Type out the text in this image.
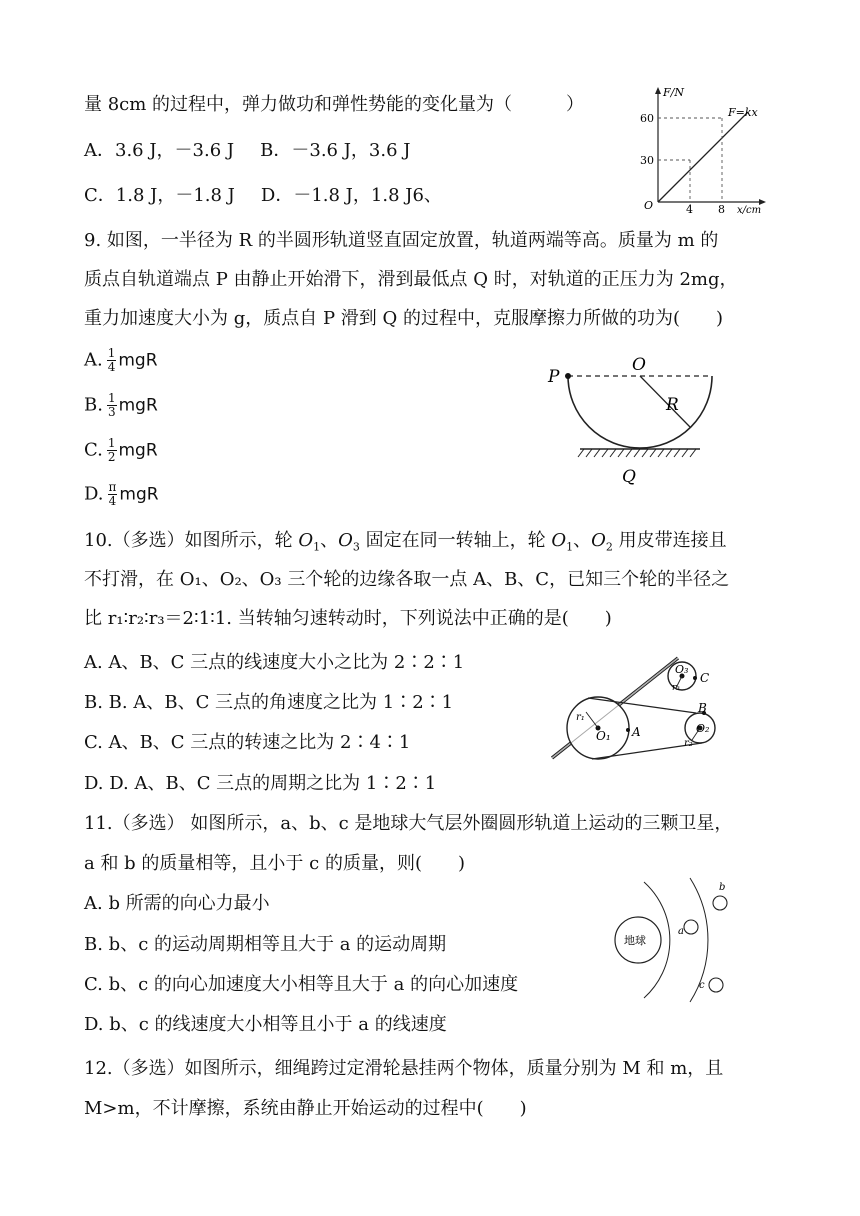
量 8cm 的过程中，弹力做功和弹性势能的变化量为（　　　）
A．3.6 J，－3.6 J B．－3.6 J，3.6 J
C．1.8 J，－1.8 J D．－1.8 J，1.8 J6、
F/N
F=kx
60
30
O	4 8 x/cm
9. 如图，一半径为 R 的半圆形轨道竖直固定放置，轨道两端等高。质量为 m 的
质点自轨道端点 P 由静止开始滑下，滑到最低点 Q 时，对轨道的正压力为 2mg，
重力加速度大小为 g，质点自 P 滑到 Q 的过程中，克服摩擦力所做的功为(　　)
A. $\frac{1}{4}$ mgR
B. $\frac{1}{3}$ mgR
C. $\frac{1}{2}$ mgR
D. $\frac{\pi}{4}$ mgR
P
O
R
Q
10.（多选）如图所示，轮 $O_1$、$O_3$ 固定在同一转轴上，轮 $O_1$、$O_2$ 用皮带连接且
不打滑，在 O₁、O₂、O₃ 三个轮的边缘各取一点 A、B、C，已知三个轮的半径之
比 r₁∶r₂∶r₃＝2∶1∶1. 当转轴匀速转动时，下列说法中正确的是(　　)
A. A、B、C 三点的线速度大小之比为 2∶2∶1
B. B. A、B、C 三点的角速度之比为 1∶2∶1
C. A、B、C 三点的转速之比为 2∶4∶1
D. D. A、B、C 三点的周期之比为 1∶2∶1
r₁
O₁ A
B
O₂
r₂
O₃
r₃
C
11.（多选） 如图所示，a、b、c 是地球大气层外圈圆形轨道上运动的三颗卫星，
a 和 b 的质量相等，且小于 c 的质量，则(　　)
A. b 所需的向心力最小
B. b、c 的运动周期相等且大于 a 的运动周期
C. b、c 的向心加速度大小相等且大于 a 的向心加速度
D. b、c 的线速度大小相等且小于 a 的线速度
地球
a
b
c
12.（多选）如图所示，细绳跨过定滑轮悬挂两个物体，质量分别为 M 和 m，且
M>m，不计摩擦，系统由静止开始运动的过程中(　　)
